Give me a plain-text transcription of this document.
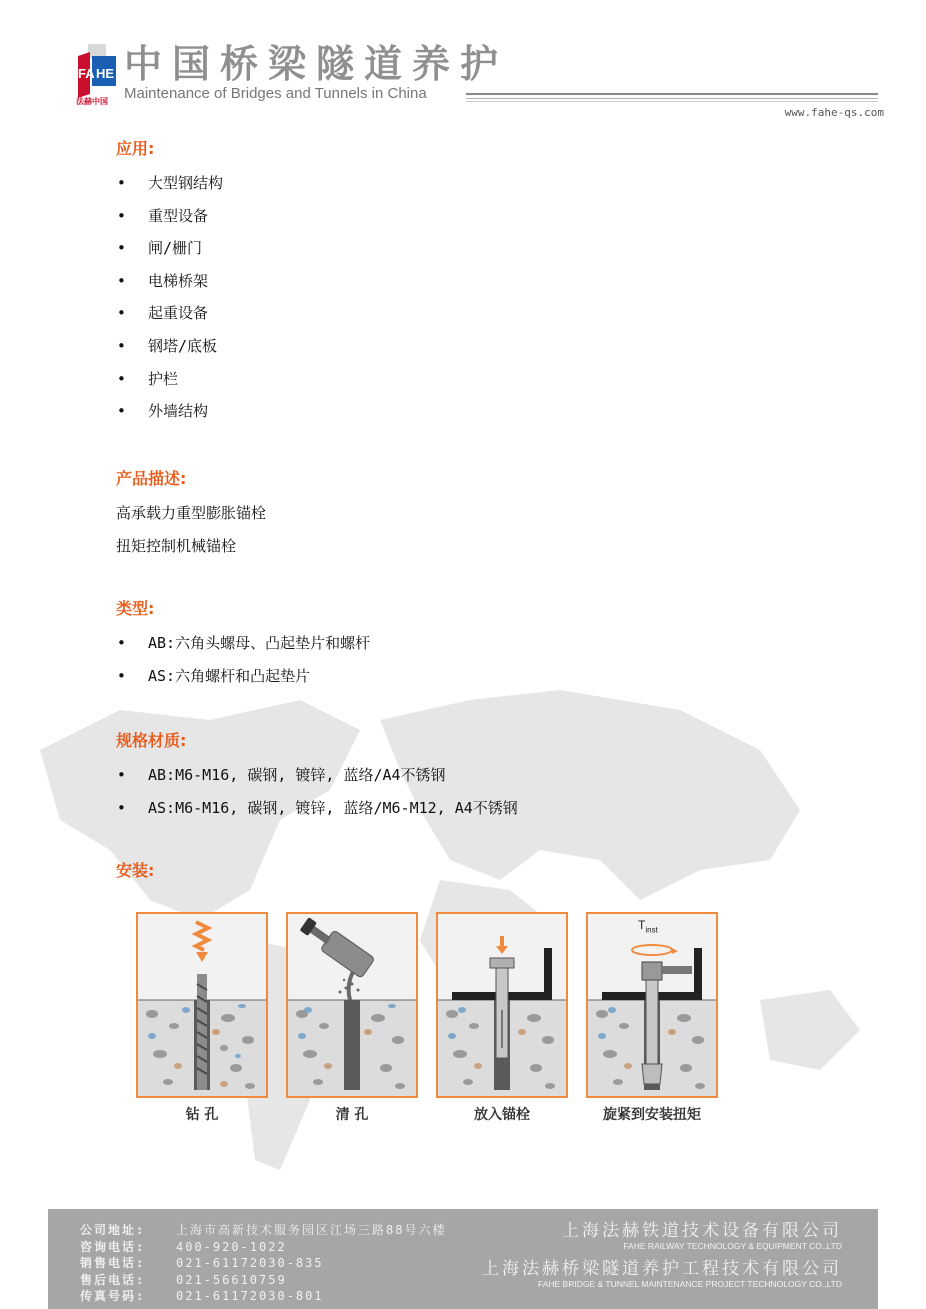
HE
FA
法赫中国
中国桥梁隧道养护
Maintenance of Bridges and Tunnels in China
www.fahe-qs.com
应用:
•	大型钢结构
•	重型设备
•	闸/栅门
•	电梯桥架
•	起重设备
•	钢塔/底板
•	护栏
•	外墙结构
产品描述:
高承载力重型膨胀锚栓
扭矩控制机械锚栓
类型:
•	AB:六角头螺母、凸起垫片和螺杆
•	AS:六角螺杆和凸起垫片
规格材质:
•	AB:M6-M16, 碳钢, 镀锌, 蓝络/A4不锈钢
•	AS:M6-M16, 碳钢, 镀锌, 蓝络/M6-M12, A4不锈钢
安装:
钻 孔	清 孔	放入锚栓
$T_{inst}$
旋紧到安装扭矩
公司地址:	上海市高新技术服务园区江场三路88号六楼
咨询电话:	400-920-1022
销售电话:	021-61172030-835
售后电话:	021-56610759
传真号码:	021-61172030-801
上海法赫铁道技术设备有限公司
FAHE RAILWAY TECHNOLOGY & EQUIPMENT CO.,LTD
上海法赫桥梁隧道养护工程技术有限公司
FAHE BRIDGE & TUNNEL MAINTENANCE PROJECT TECHNOLOGY CO.,LTD
